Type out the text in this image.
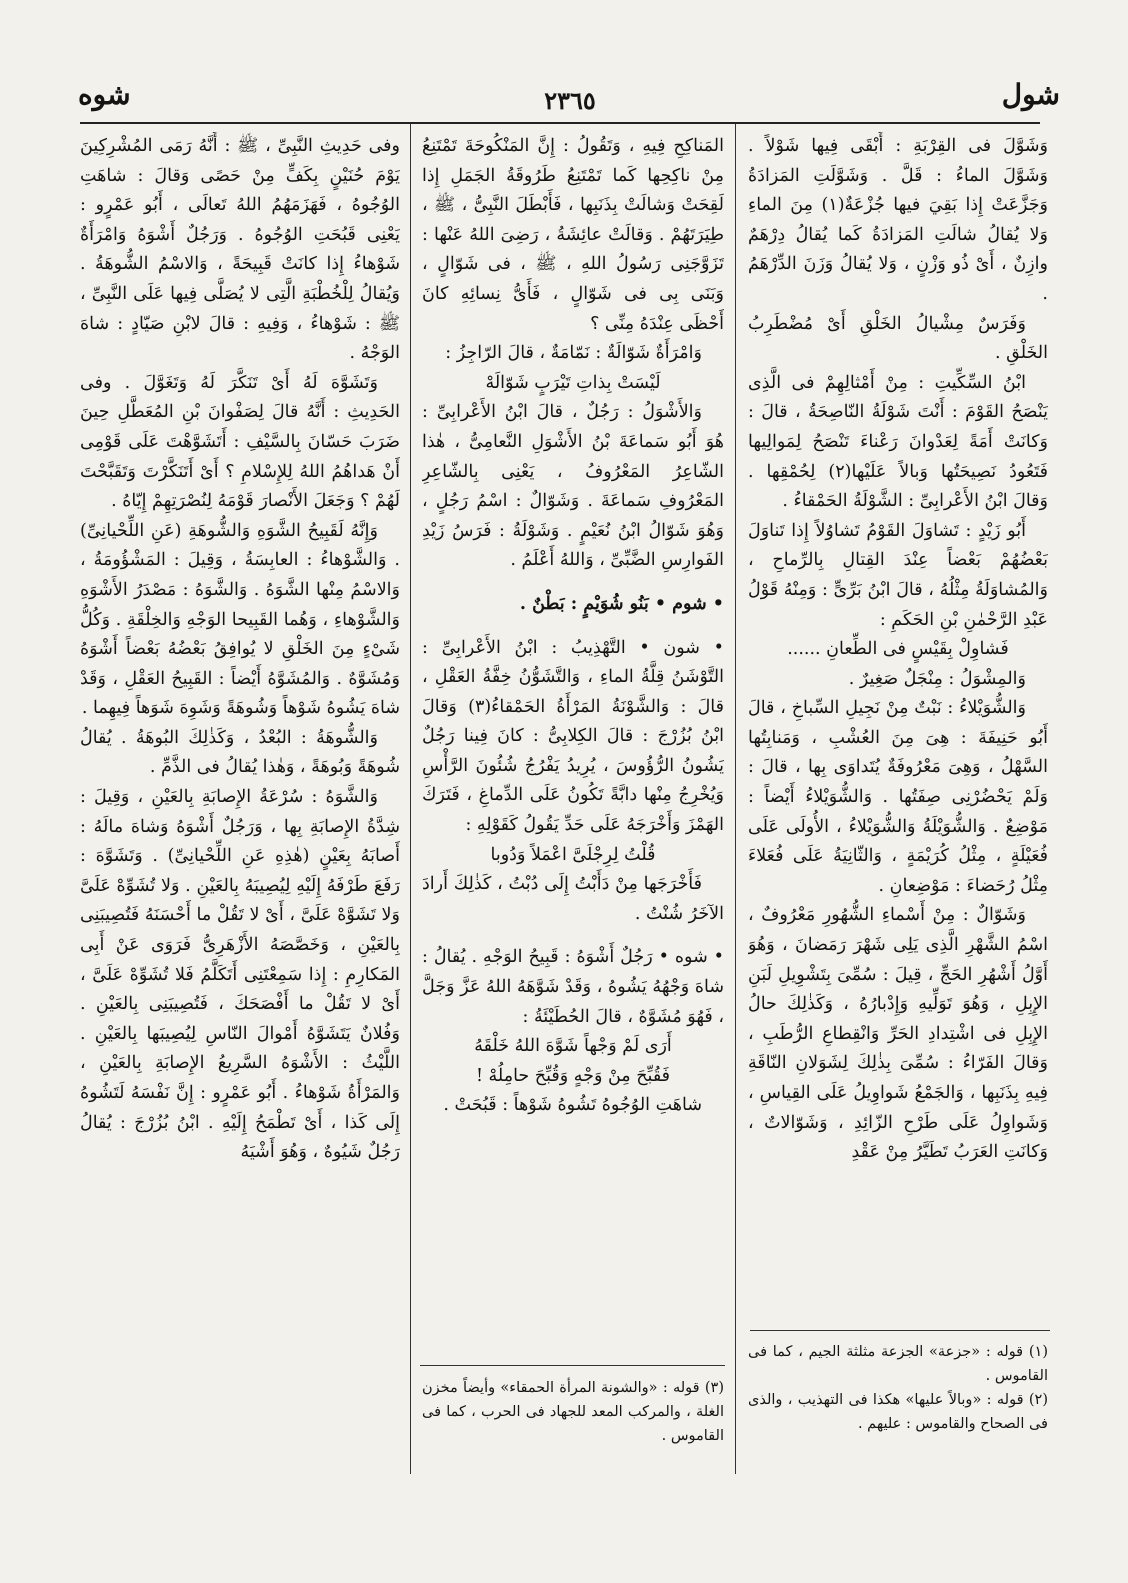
شول
٢٣٦٥
شوه

وَشَوَّلَ فى القِرْبَةِ : أَبْقَى فِيها شَوْلاً . وَشَوَّلَ الماءُ : قَلَّ . وَشَوَّلَتِ المَزادَةُ وَجَزَّعَتْ إِذا بَقِيَ فيها جُزْعَةٌ(١) مِنَ الماءِ وَلا يُقالُ شالَتِ المَزادَةُ كَما يُقالُ دِرْهَمٌ وازِنٌ ، أَىْ ذُو وَزْنٍ ، وَلا يُقالُ وَزَنَ الدِّرْهَمُ .

وَفَرَسٌ مِشْيالُ الخَلْقِ أَىْ مُضْطَرِبُ الخَلْقِ .

ابْنُ السِّكِّيتِ : مِنْ أَمْثالِهِمْ فى الَّذِى يَنْصَحُ القَوْمَ : أَنْتَ شَوْلَةُ النّاصِحَةُ ، قالَ : وَكانَتْ أَمَةً لِعَدْوانَ رَعْناءَ تَنْصَحُ لِمَوالِيها فَتَعُودُ نَصِيحَتُها وَبالاً عَلَيْها(٢) لِحُمْقِها . وَقالَ ابْنُ الأَعْرابِىِّ : الشَّوْلَةُ الحَمْقاءُ .

أَبُو زَيْدٍ : تَشاوَلَ القَوْمُ تَشاوُلاً إِذا تَناوَلَ بَعْضُهُمْ بَعْضاً عِنْدَ القِتالِ بِالرِّماحِ ، وَالمُشاوَلَةُ مِثْلُهُ ، قالَ ابْنُ بَرِّىٍّ : وَمِنْهُ قَوْلُ عَبْدِ الرَّحْمٰنِ بْنِ الحَكَمِ :

فَشاوِلْ بِقَيْسٍ فى الطِّعانِ ......

وَالمِشْوَلُ : مِنْجَلٌ صَغِيرٌ .

وَالشُّوَيْلاءُ : نَبْتٌ مِنْ نَجِيلِ السِّباخِ ، قالَ أَبُو حَنِيفَةَ : هِىَ مِنَ العُشْبِ ، وَمَنابِتُها السَّهْلُ ، وَهِىَ مَعْرُوفَةٌ يُتَداوَى بِها ، قالَ : وَلَمْ يَحْضُرْنِى صِفَتُها . وَالشُّوَيْلاءُ أَيْضاً : مَوْضِعٌ . وَالشُّوَيْلَةُ وَالشُّوَيْلاءُ ، الأُولَى عَلَى فُعَيْلَةٍ ، مِثْلُ كُرَيْمَةٍ ، وَالثّانِيَةُ عَلَى فُعَلاءَ مِثْلُ رُحَضاءَ : مَوْضِعانِ .

وَشَوّالٌ : مِنْ أَسْماءِ الشُّهُورِ مَعْرُوفٌ ، اسْمُ الشَّهْرِ الَّذِى يَلِى شَهْرَ رَمَضانَ ، وَهُوَ أَوَّلُ أَشْهُرِ الحَجِّ ، قِيلَ : سُمِّىَ بِتَشْوِيلِ لَبَنِ الإِبِلِ ، وَهُوَ تَوَلِّيهِ وَإِدْبارُهُ ، وَكَذٰلِكَ حالُ الإِبِلِ فى اشْتِدادِ الحَرِّ وَانْقِطاعِ الرُّطَبِ ، وَقالَ الفَرّاءُ : سُمِّىَ بِذٰلِكَ لِشَوَلانِ النّاقَةِ فِيهِ بِذَنَبِها ، وَالجَمْعُ شَواوِيلُ عَلَى القِياسِ ، وَشَواوِلُ عَلَى طَرْحِ الزّائِدِ ، وَشَوّالاتٌ ، وَكانَتِ العَرَبُ تَطَيَّرُ مِنْ عَقْدِ

(١) قوله : «جزعة» الجزعة مثلثة الجيم ، كما فى القاموس .
(٢) قوله : «وبالاً عليها» هكذا فى التهذيب ، والذى فى الصحاح والقاموس : عليهم .

المَناكِحِ فِيهِ ، وَتَقُولُ : إِنَّ المَنْكُوحَةَ تَمْتَنِعُ مِنْ ناكِحِها كَما تَمْتَنِعُ طَرُوقَةُ الجَمَلِ إِذا لَقِحَتْ وَشالَتْ بِذَنَبِها ، فَأَبْطَلَ النَّبِىُّ ، ﷺ ، طِيَرَتَهُمْ . وَقالَتْ عائِشَةُ ، رَضِىَ اللهُ عَنْها : تَزَوَّجَنِى رَسُولُ اللهِ ، ﷺ ، فى شَوّالٍ ، وَبَنَى بِى فى شَوّالٍ ، فَأَىُّ نِسائِهِ كانَ أَحْظَى عِنْدَهُ مِنِّى ؟

وَامْرَأَةٌ شَوّالَةٌ : نَمّامَةٌ ، قالَ الرّاجِزُ :

لَيْسَتْ بِذاتِ تَيْرَبٍ شَوّالَهْ

وَالأَشْوَلُ : رَجُلٌ ، قالَ ابْنُ الأَعْرابِىِّ : هُوَ أَبُو سَماعَةَ بْنُ الأَشْوَلِ النَّعامِىُّ ، هٰذا الشّاعِرُ المَعْرُوفُ ، يَعْنِى بِالشّاعِرِ المَعْرُوفِ سَماعَةَ . وَشَوّالٌ : اسْمُ رَجُلٍ ، وَهُوَ شَوّالُ ابْنُ نُعَيْمٍ . وَشَوْلَةُ : فَرَسُ زَيْدِ الفَوارِسِ الضَّبِّىِّ ، وَاللهُ أَعْلَمُ .

• شوم • بَنُو شُوَيْمٍ : بَطْنٌ .

• شون • التَّهْذِيبُ : ابْنُ الأَعْرابِىِّ : التَّوْشَنُ قِلَّةُ الماءِ ، وَالتَّشَوُّنُ خِفَّةُ العَقْلِ ، قالَ : وَالشَّوْنَةُ المَرْأَةُ الحَمْقاءُ(٣) وَقالَ ابْنُ بُزُرْجَ : قالَ الكِلابِىُّ : كانَ فِينا رَجُلٌ يَشُونُ الرُّؤُوسَ ، يُرِيدُ يَفْرُجُ شُئُونَ الرَّأْسِ وَيُخْرِجُ مِنْها دابَّةً تَكُونُ عَلَى الدِّماغِ ، فَتَرَكَ الهَمْزَ وَأَخْرَجَهُ عَلَى حَدِّ يَقُولُ كَقَوْلِهِ :

قُلْتُ لِرِجْلَىَّ اعْمَلاً وَدُوبا

فَأَخْرَجَها مِنْ دَأَبْتُ إِلَى دُبْتُ ، كَذٰلِكَ أَرادَ الآخَرُ شُنْتُ .

• شوه • رَجُلٌ أَشْوَهُ : قَبِيحُ الوَجْهِ . يُقالُ : شاهَ وَجْهُهُ يَشُوهُ ، وَقَدْ شَوَّهَهُ اللهُ عَزَّ وَجَلَّ ، فَهُوَ مُشَوَّهٌ ، قالَ الحُطَيْئَةُ :

أَرَى لَمْ وَجْهاً شَوَّهَ اللهُ خَلْقَهُ

فَقُبِّحَ مِنْ وَجْهٍ وَقُبِّحَ حامِلُهْ !

شاهَتِ الوُجُوهُ تَشُوهُ شَوْهاً : قَبُحَتْ .

(٣) قوله : «والشونة المرأة الحمقاء» وأيضاً مخزن الغلة ، والمركب المعد للجهاد فى الحرب ، كما فى القاموس .

وفى حَدِيثِ النَّبِىِّ ، ﷺ : أَنَّهُ رَمَى المُشْرِكِينَ يَوْمَ حُنَيْنٍ بِكَفٍّ مِنْ حَصًى وَقالَ : شاهَتِ الوُجُوهُ ، فَهَزَمَهُمُ اللهُ تَعالَى ، أَبُو عَمْرٍو : يَعْنِى قَبُحَتِ الوُجُوهُ . وَرَجُلٌ أَشْوَهُ وَامْرَأَةٌ شَوْهاءُ إِذا كانَتْ قَبِيحَةً ، وَالاسْمُ الشُّوهَةُ . وَيُقالُ لِلْخُطْبَةِ الَّتِى لا يُصَلَّى فِيها عَلَى النَّبِىِّ ، ﷺ : شَوْهاءُ ، وَفِيهِ : قالَ لابْنِ صَيّادٍ : شاهَ الوَجْهُ .

وَتَشَوَّهَ لَهُ أَىْ تَنَكَّرَ لَهُ وَتَغَوَّلَ . وفى الحَدِيثِ : أَنَّهُ قالَ لِصَفْوانَ بْنِ المُعَطَّلِ حِينَ ضَرَبَ حَسّانَ بِالسَّيْفِ : أَتَشَوَّهْتَ عَلَى قَوْمِى أَنْ هَداهُمُ اللهُ لِلإِسْلامِ ؟ أَىْ أَتَنَكَّرْتَ وَتَقَبَّحْتَ لَهُمْ ؟ وَجَعَلَ الأَنْصارَ قَوْمَهُ لِنُصْرَتِهِمْ إِيّاهُ .

وَإِنَّهُ لَقَبِيحُ الشَّوَهِ وَالشُّوهَةِ (عَنِ اللِّحْيانِىِّ) . وَالشَّوْهاءُ : العابِسَةُ ، وَقِيلَ : المَشْؤُومَةُ ، وَالاسْمُ مِنْها الشَّوَهُ . وَالشَّوَهُ : مَصْدَرُ الأَشْوَهِ وَالشَّوْهاءِ ، وَهُما القَبِيحا الوَجْهِ وَالخِلْقَةِ . وَكُلُّ شَىْءٍ مِنَ الخَلْقِ لا يُوافِقُ بَعْضُهُ بَعْضاً أَشْوَهُ وَمُشَوَّهٌ . وَالمُشَوَّهُ أَيْضاً : القَبِيحُ العَقْلِ ، وَقَدْ شاهَ يَشُوهُ شَوْهاً وَشُوهَةً وَشَوِهَ شَوَهاً فِيهِما .

وَالشُّوهَةُ : البُعْدُ ، وَكَذٰلِكَ البُوهَةُ . يُقالُ شُوهَةً وَبُوهَةً ، وَهٰذا يُقالُ فى الذَّمِّ .

وَالشَّوَهُ : سُرْعَةُ الإِصابَةِ بِالعَيْنِ ، وَقِيلَ : شِدَّةُ الإِصابَةِ بِها ، وَرَجُلٌ أَشْوَهُ وَشاهَ مالَهُ : أَصابَهُ بِعَيْنٍ (هٰذِهِ عَنِ اللِّحْيانِىِّ) . وَتَشَوَّهَ : رَفَعَ طَرْفَهُ إِلَيْهِ لِيُصِيبَهُ بِالعَيْنِ . وَلا تُشَوِّهْ عَلَىَّ وَلا تَشَوَّهْ عَلَىَّ ، أَىْ لا تَقُلْ ما أَحْسَنَهُ فَتُصِيبَنِى بِالعَيْنِ ، وَخَصَّصَهُ الأَزْهَرِىُّ فَرَوَى عَنْ أَبِى المَكارِمِ : إِذا سَمِعْتَنِى أَتَكَلَّمُ فَلا تُشَوِّهْ عَلَىَّ ، أَىْ لا تَقُلْ ما أَفْصَحَكَ ، فَتُصِيبَنِى بِالعَيْنِ . وَفُلانٌ يَتَشَوَّهُ أَمْوالَ النّاسِ لِيُصِيبَها بِالعَيْنِ . اللَّيْثُ : الأَشْوَهُ السَّرِيعُ الإِصابَةِ بِالعَيْنِ ، وَالمَرْأَةُ شَوْهاءُ . أَبُو عَمْرٍو : إِنَّ نَفْسَهُ لَتَشُوهُ إِلَى كَذا ، أَىْ تَطْمَحُ إِلَيْهِ . ابْنُ بُزُرْجَ : يُقالُ رَجُلٌ شَيُوهٌ ، وَهُوَ أَشْيَهُ
